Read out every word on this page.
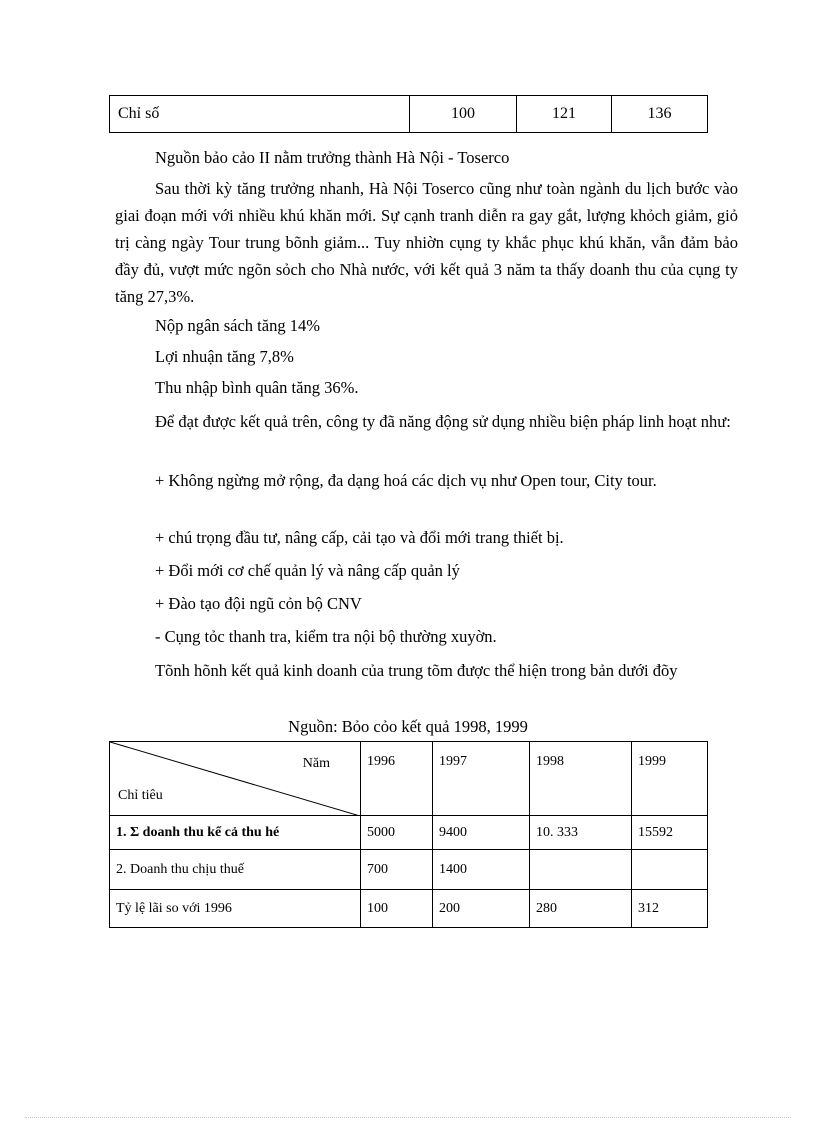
Chỉ số	100	121	136
Nguồn bảo cảo II nằm trưởng thành Hà Nội - Toserco
Sau thời kỳ tăng trưởng nhanh, Hà Nội Toserco cũng như toàn ngành du lịch bước vào giai đoạn mới với nhiều khú khăn mới. Sự cạnh tranh diễn ra gay gắt, lượng khỏch giảm, giỏ trị càng ngày Tour trung bõnh giảm... Tuy nhiờn cụng ty khắc phục khú khăn, vẫn đảm bảo đầy đủ, vượt mức ngõn sỏch cho Nhà nước, với kết quả 3 năm ta thấy doanh thu của cụng ty tăng 27,3%.
Nộp ngân sách tăng 14%
Lợi nhuận tăng 7,8%
Thu nhập bình quân tăng 36%.
Để đạt được kết quả trên, công ty đã năng động sử dụng nhiều biện pháp linh hoạt như:
+ Không ngừng mở rộng, đa dạng hoá các dịch vụ như Open tour, City tour.
+ chú trọng đầu tư, nâng cấp, cải tạo và đổi mới trang thiết bị.
+ Đổi mới cơ chế quản lý và nâng cấp quản lý
+ Đào tạo đội ngũ cỏn bộ CNV
- Cụng tỏc thanh tra, kiểm tra nội bộ thường xuyờn.
Tõnh hõnh kết quả kinh doanh của trung tõm được thể hiện trong bản dưới đõy
Nguồn: Bỏo cỏo kết quả 1998, 1999
Năm
Chỉ tiêu	1996	1997	1998	1999
1. Σ doanh thu kể cả thu hé	5000	9400	10. 333	15592
2. Doanh thu chịu thuế	700	1400		
Tỷ lệ lãi so với 1996	100	200	280	312
